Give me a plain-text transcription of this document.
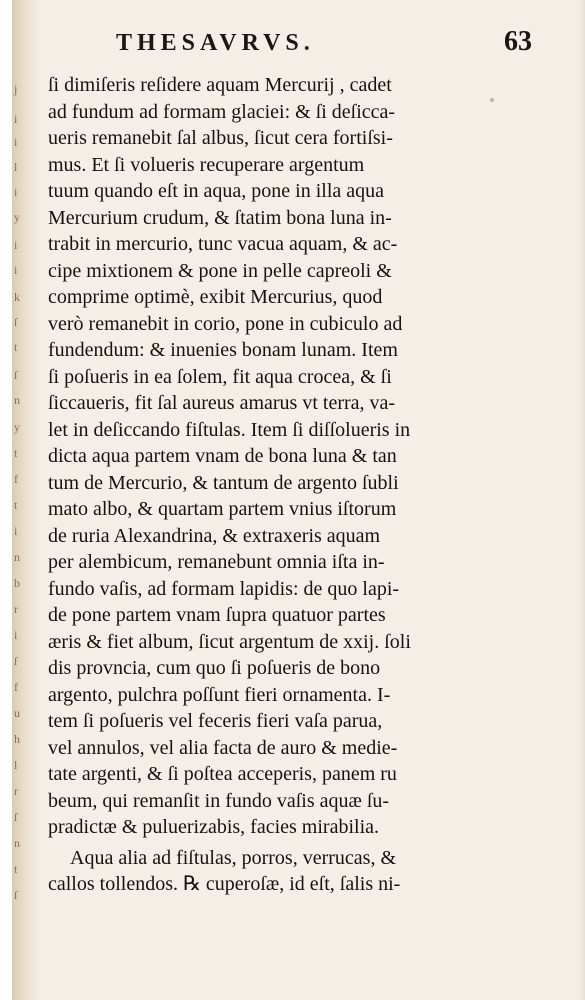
j
i
i
l
i
y
i
i
k
ſ
t
ſ
n
y
t
f
t
i
n
b
r
i
ſ
f
u
h
l
r
ſ
n
t
ſ
THESAVRVS.	63
ſi dimiſeris reſidere aquam Mercurij , cadet
ad fundum ad formam glaciei: & ſi deſicca-
ueris remanebit ſal albus, ſicut cera fortiſsi-
mus. Et ſi volueris recuperare argentum
tuum quando eſt in aqua, pone in illa aqua
Mercurium crudum, & ſtatim bona luna in-
trabit in mercurio, tunc vacua aquam, & ac-
cipe mixtionem & pone in pelle capreoli &
comprime optimè, exibit Mercurius, quod
verò remanebit in corio, pone in cubiculo ad
fundendum: & inuenies bonam lunam. Item
ſi poſueris in ea ſolem, fit aqua crocea, & ſi
ſiccaueris, fit ſal aureus amarus vt terra, va-
let in deſiccando fiſtulas. Item ſi diſſolueris in
dicta aqua partem vnam de bona luna & tan
tum de Mercurio, & tantum de argento ſubli
mato albo, & quartam partem vnius iſtorum
de ruria Alexandrina, & extraxeris aquam
per alembicum, remanebunt omnia iſta in-
fundo vaſis, ad formam lapidis: de quo lapi-
de pone partem vnam ſupra quatuor partes
æris & fiet album, ſicut argentum de xxij. ſoli
dis provncia, cum quo ſi poſueris de bono
argento, pulchra poſſunt fieri ornamenta. I-
tem ſi poſueris vel feceris fieri vaſa parua,
vel annulos, vel alia facta de auro & medie-
tate argenti, & ſi poſtea acceperis, panem ru
beum, qui remanſit in fundo vaſis aquæ ſu-
pradictæ & puluerizabis, facies mirabilia.
Aqua alia ad fiſtulas, porros, verrucas, &
callos tollendos. ℞ cuperoſæ, id eſt, ſalis ni-
